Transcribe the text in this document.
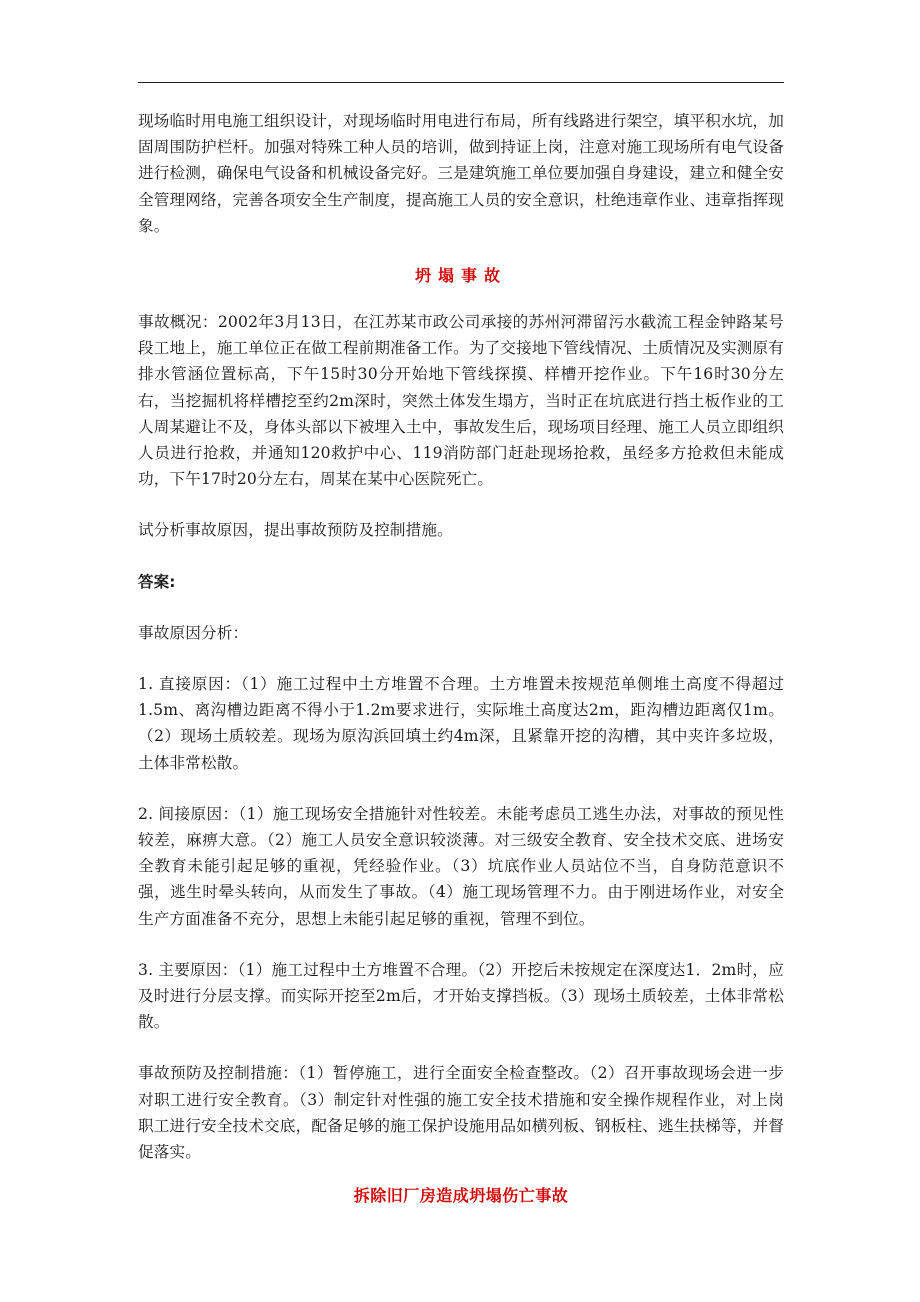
现场临时用电施工组织设计，对现场临时用电进行布局，所有线路进行架空，填平积水坑，加固周围防护栏杆。加强对特殊工种人员的培训，做到持证上岗，注意对施工现场所有电气设备进行检测，确保电气设备和机械设备完好。三是建筑施工单位要加强自身建设，建立和健全安全管理网络，完善各项安全生产制度，提高施工人员的安全意识，杜绝违章作业、违章指挥现象。

坍塌事故

事故概况：2002年3月13日，在江苏某市政公司承接的苏州河滞留污水截流工程金钟路某号段工地上，施工单位正在做工程前期准备工作。为了交接地下管线情况、土质情况及实测原有排水管涵位置标高，下午15时30分开始地下管线探摸、样槽开挖作业。下午16时30分左右，当挖掘机将样槽挖至约2m深时，突然土体发生塌方，当时正在坑底进行挡土板作业的工人周某避让不及，身体头部以下被埋入土中，事故发生后，现场项目经理、施工人员立即组织人员进行抢救，并通知120救护中心、119消防部门赶赴现场抢救，虽经多方抢救但未能成功，下午17时20分左右，周某在某中心医院死亡。

试分析事故原因，提出事故预防及控制措施。

答案:

事故原因分析：

1. 直接原因：（1）施工过程中土方堆置不合理。土方堆置未按规范单侧堆土高度不得超过1.5m、离沟槽边距离不得小于1.2m要求进行，实际堆土高度达2m，距沟槽边距离仅1m。（2）现场土质较差。现场为原沟浜回填土约4m深，且紧靠开挖的沟槽，其中夹许多垃圾，土体非常松散。

2. 间接原因：（1）施工现场安全措施针对性较差。未能考虑员工逃生办法，对事故的预见性较差，麻痹大意。（2）施工人员安全意识较淡薄。对三级安全教育、安全技术交底、进场安全教育未能引起足够的重视，凭经验作业。（3）坑底作业人员站位不当，自身防范意识不强，逃生时晕头转向，从而发生了事故。（4）施工现场管理不力。由于刚进场作业，对安全生产方面准备不充分，思想上未能引起足够的重视，管理不到位。

3. 主要原因：（1）施工过程中土方堆置不合理。（2）开挖后未按规定在深度达1．2m时，应及时进行分层支撑。而实际开挖至2m后，才开始支撑挡板。（3）现场土质较差，土体非常松散。

事故预防及控制措施：（1）暂停施工，进行全面安全检查整改。（2）召开事故现场会进一步对职工进行安全教育。（3）制定针对性强的施工安全技术措施和安全操作规程作业，对上岗职工进行安全技术交底，配备足够的施工保护设施用品如横列板、钢板柱、逃生扶梯等，并督促落实。

拆除旧厂房造成坍塌伤亡事故
